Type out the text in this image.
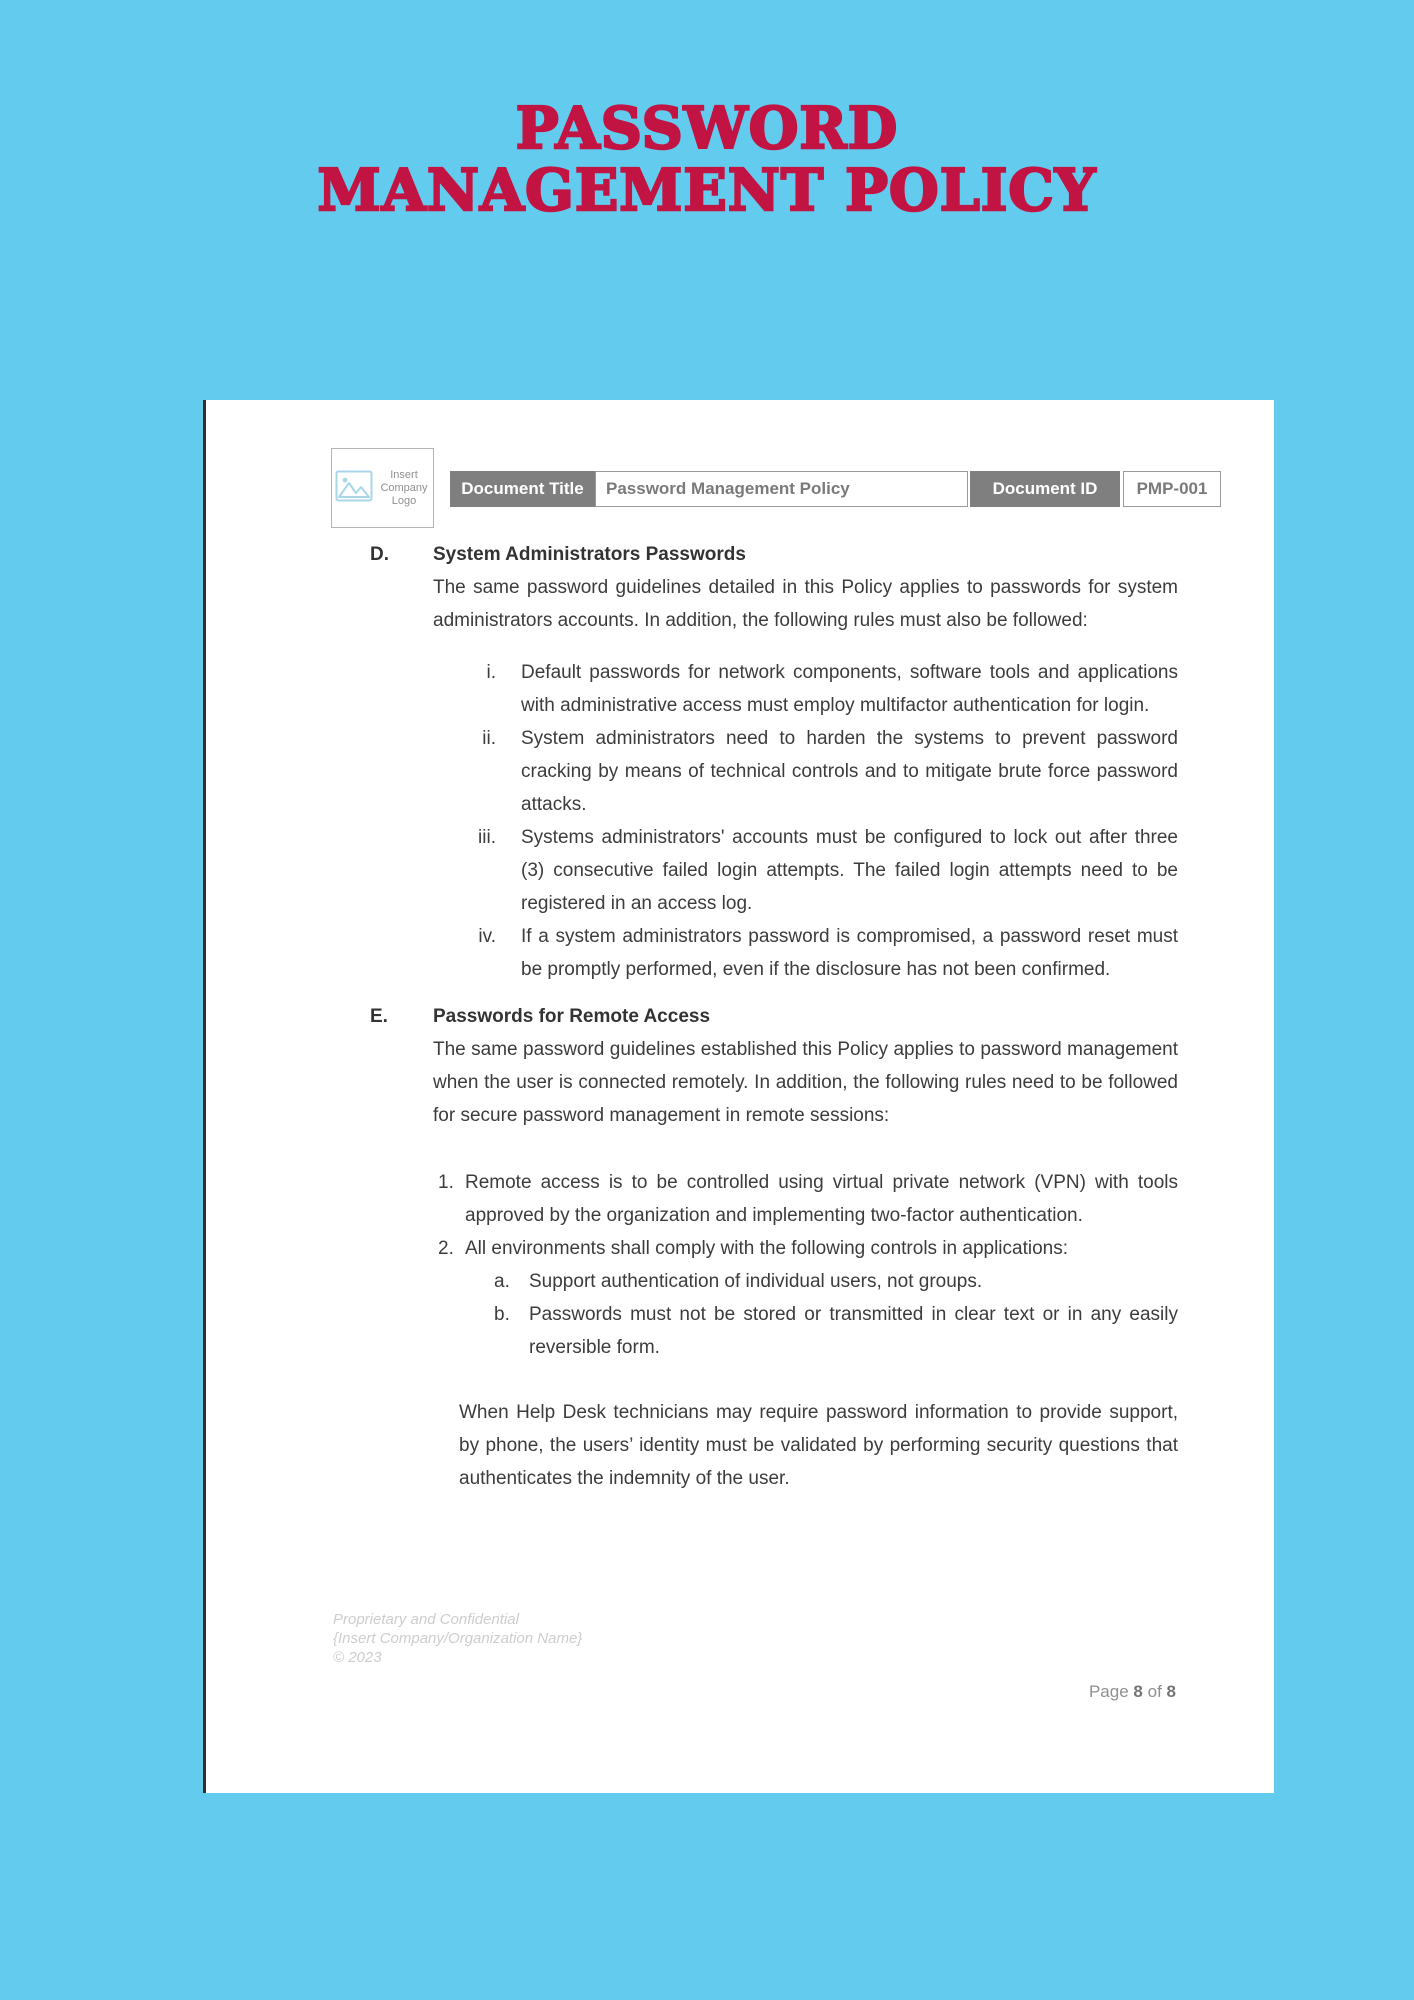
PASSWORD MANAGEMENT POLICY
Insert Company Logo
Document Title	Password Management Policy	Document ID	PMP-001
D. System Administrators Passwords
The same password guidelines detailed in this Policy applies to passwords for system administrators accounts. In addition, the following rules must also be followed:
i. Default passwords for network components, software tools and applications with administrative access must employ multifactor authentication for login.
ii. System administrators need to harden the systems to prevent password cracking by means of technical controls and to mitigate brute force password attacks.
iii. Systems administrators' accounts must be configured to lock out after three (3) consecutive failed login attempts. The failed login attempts need to be registered in an access log.
iv. If a system administrators password is compromised, a password reset must be promptly performed, even if the disclosure has not been confirmed.
E. Passwords for Remote Access
The same password guidelines established this Policy applies to password management when the user is connected remotely. In addition, the following rules need to be followed for secure password management in remote sessions:
1. Remote access is to be controlled using virtual private network (VPN) with tools approved by the organization and implementing two-factor authentication.
2. All environments shall comply with the following controls in applications:
a. Support authentication of individual users, not groups.
b. Passwords must not be stored or transmitted in clear text or in any easily reversible form.
When Help Desk technicians may require password information to provide support, by phone, the users’ identity must be validated by performing security questions that authenticates the indemnity of the user.
Proprietary and Confidential
{Insert Company/Organization Name}
© 2023
Page 8 of 8
